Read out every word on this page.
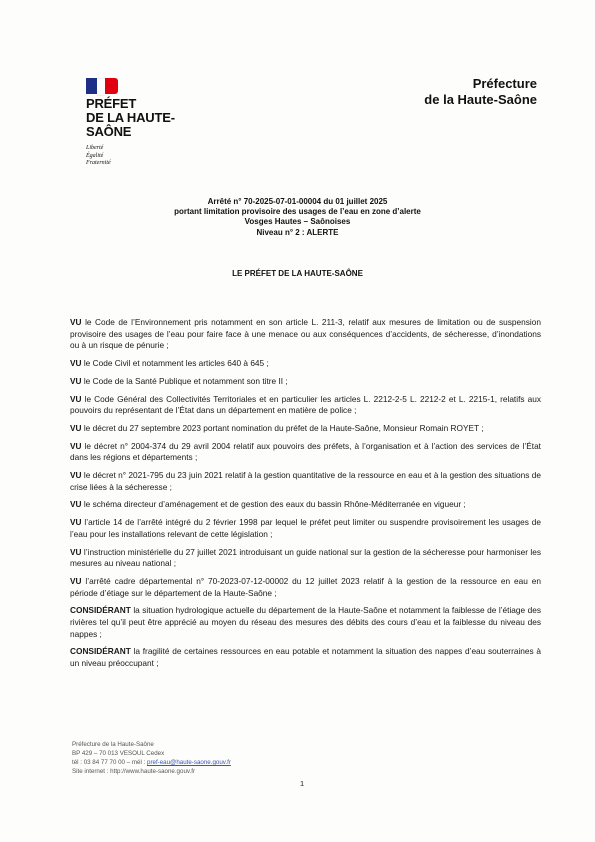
PRÉFET
DE LA HAUTE-
SAÔNE
Liberté
Égalité
Fraternité
Préfecture
de la Haute-Saône
Arrêté n° 70-2025-07-01-00004 du 01 juillet 2025
portant limitation provisoire des usages de l’eau en zone d’alerte
Vosges Hautes – Saônoises
Niveau n° 2 : ALERTE
LE PRÉFET DE LA HAUTE-SAÔNE

VU le Code de l’Environnement pris notamment en son article L. 211-3, relatif aux mesures de limitation ou de suspension provisoire des usages de l’eau pour faire face à une menace ou aux conséquences d’accidents, de sécheresse, d’inondations ou à un risque de pénurie ;

VU le Code Civil et notamment les articles 640 à 645 ;

VU le Code de la Santé Publique et notamment son titre II ;

VU le Code Général des Collectivités Territoriales et en particulier les articles L. 2212-2-5 L. 2212-2 et L. 2215-1, relatifs aux pouvoirs du représentant de l’État dans un département en matière de police ;

VU le décret du 27 septembre 2023 portant nomination du préfet de la Haute-Saône, Monsieur Romain ROYET ;

VU le décret n° 2004-374 du 29 avril 2004 relatif aux pouvoirs des préfets, à l’organisation et à l’action des services de l’État dans les régions et départements ;

VU le décret n° 2021-795 du 23 juin 2021 relatif à la gestion quantitative de la ressource en eau et à la gestion des situations de crise liées à la sécheresse ;

VU le schéma directeur d’aménagement et de gestion des eaux du bassin Rhône-Méditerranée en vigueur ;

VU l’article 14 de l’arrêté intégré du 2 février 1998 par lequel le préfet peut limiter ou suspendre provisoirement les usages de l’eau pour les installations relevant de cette législation ;

VU l’instruction ministérielle du 27 juillet 2021 introduisant un guide national sur la gestion de la sécheresse pour harmoniser les mesures au niveau national ;

VU l’arrêté cadre départemental n° 70-2023-07-12-00002 du 12 juillet 2023 relatif à la gestion de la ressource en eau en période d’étiage sur le département de la Haute-Saône ;

CONSIDÉRANT la situation hydrologique actuelle du département de la Haute-Saône et notamment la faiblesse de l’étiage des rivières tel qu’il peut être apprécié au moyen du réseau des mesures des débits des cours d’eau et la faiblesse du niveau des nappes ;

CONSIDÉRANT la fragilité de certaines ressources en eau potable et notamment la situation des nappes d’eau souterraines à un niveau préoccupant ;

Préfecture de la Haute-Saône
BP 429 – 70 013 VESOUL Cedex
tél : 03 84 77 70 00 – mél : pref-eau@haute-saone.gouv.fr
Site internet : http://www.haute-saone.gouv.fr
1
